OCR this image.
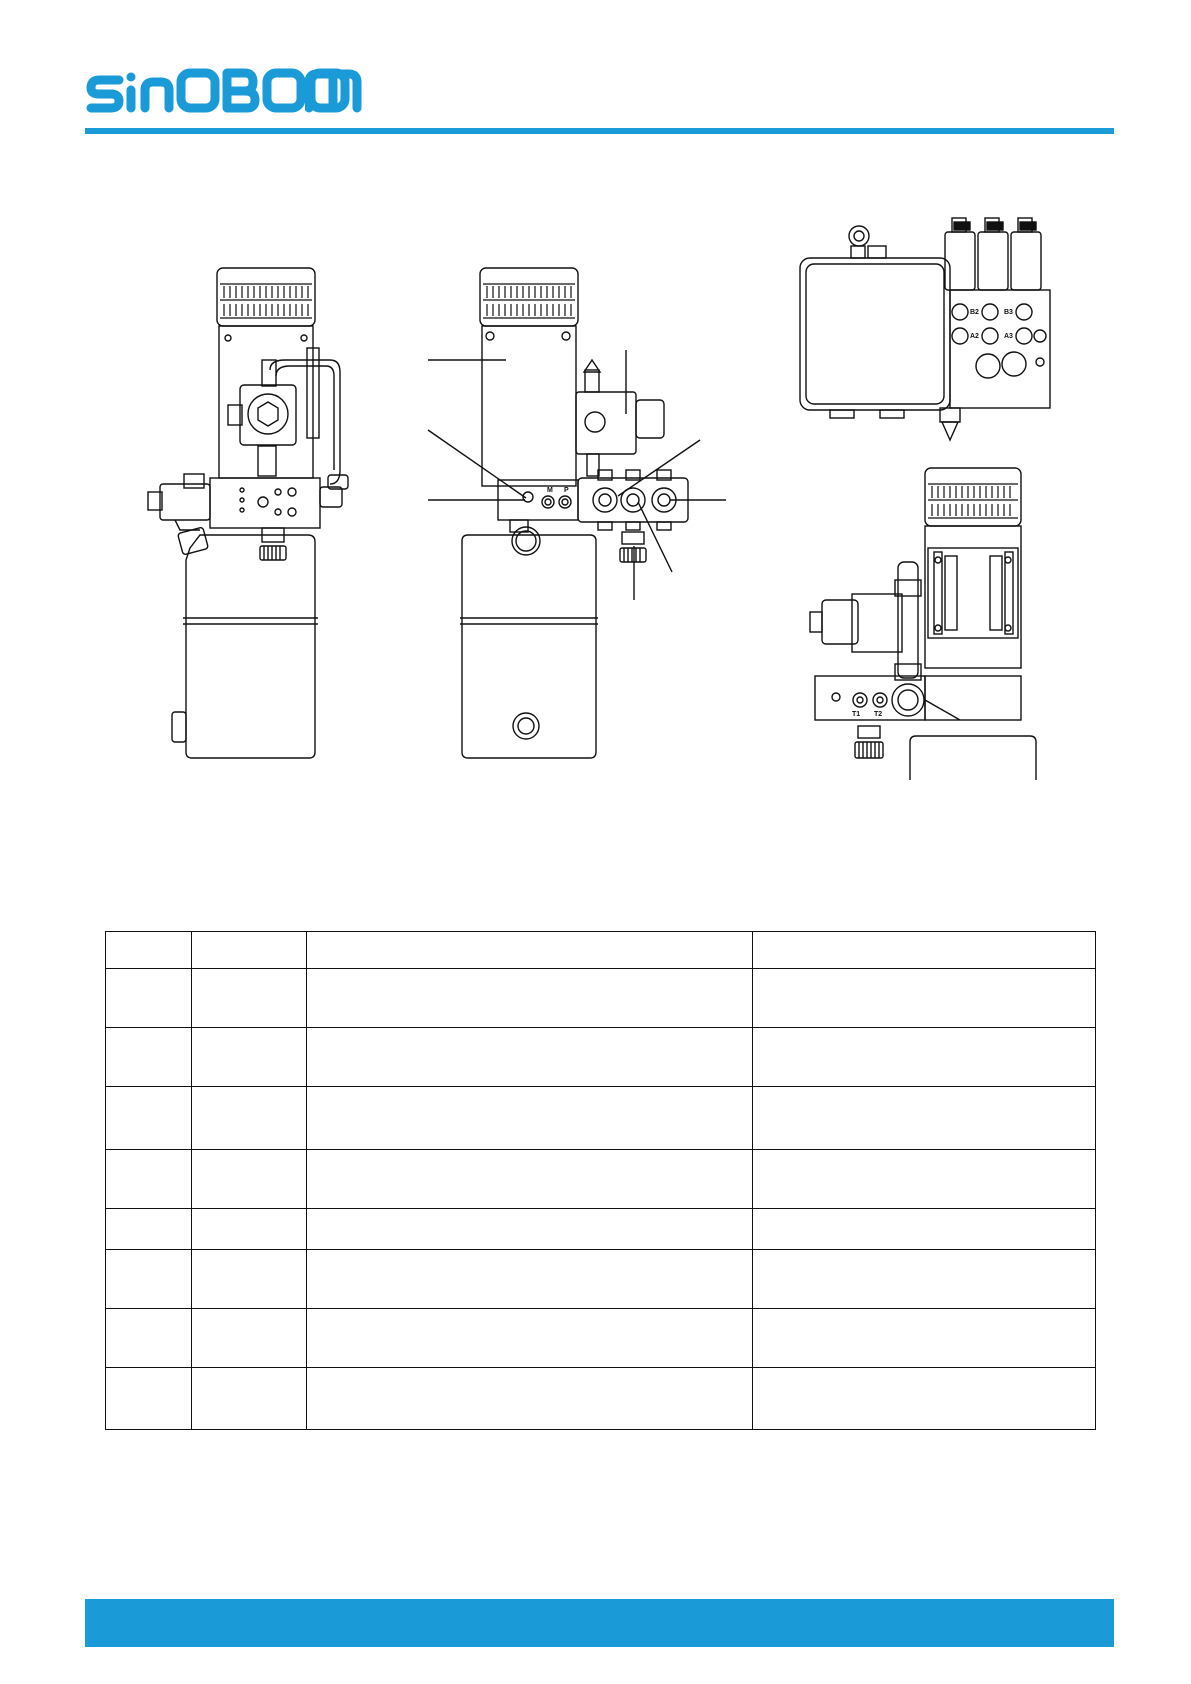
M P
B2	B3
A2	A3
T1 T2
